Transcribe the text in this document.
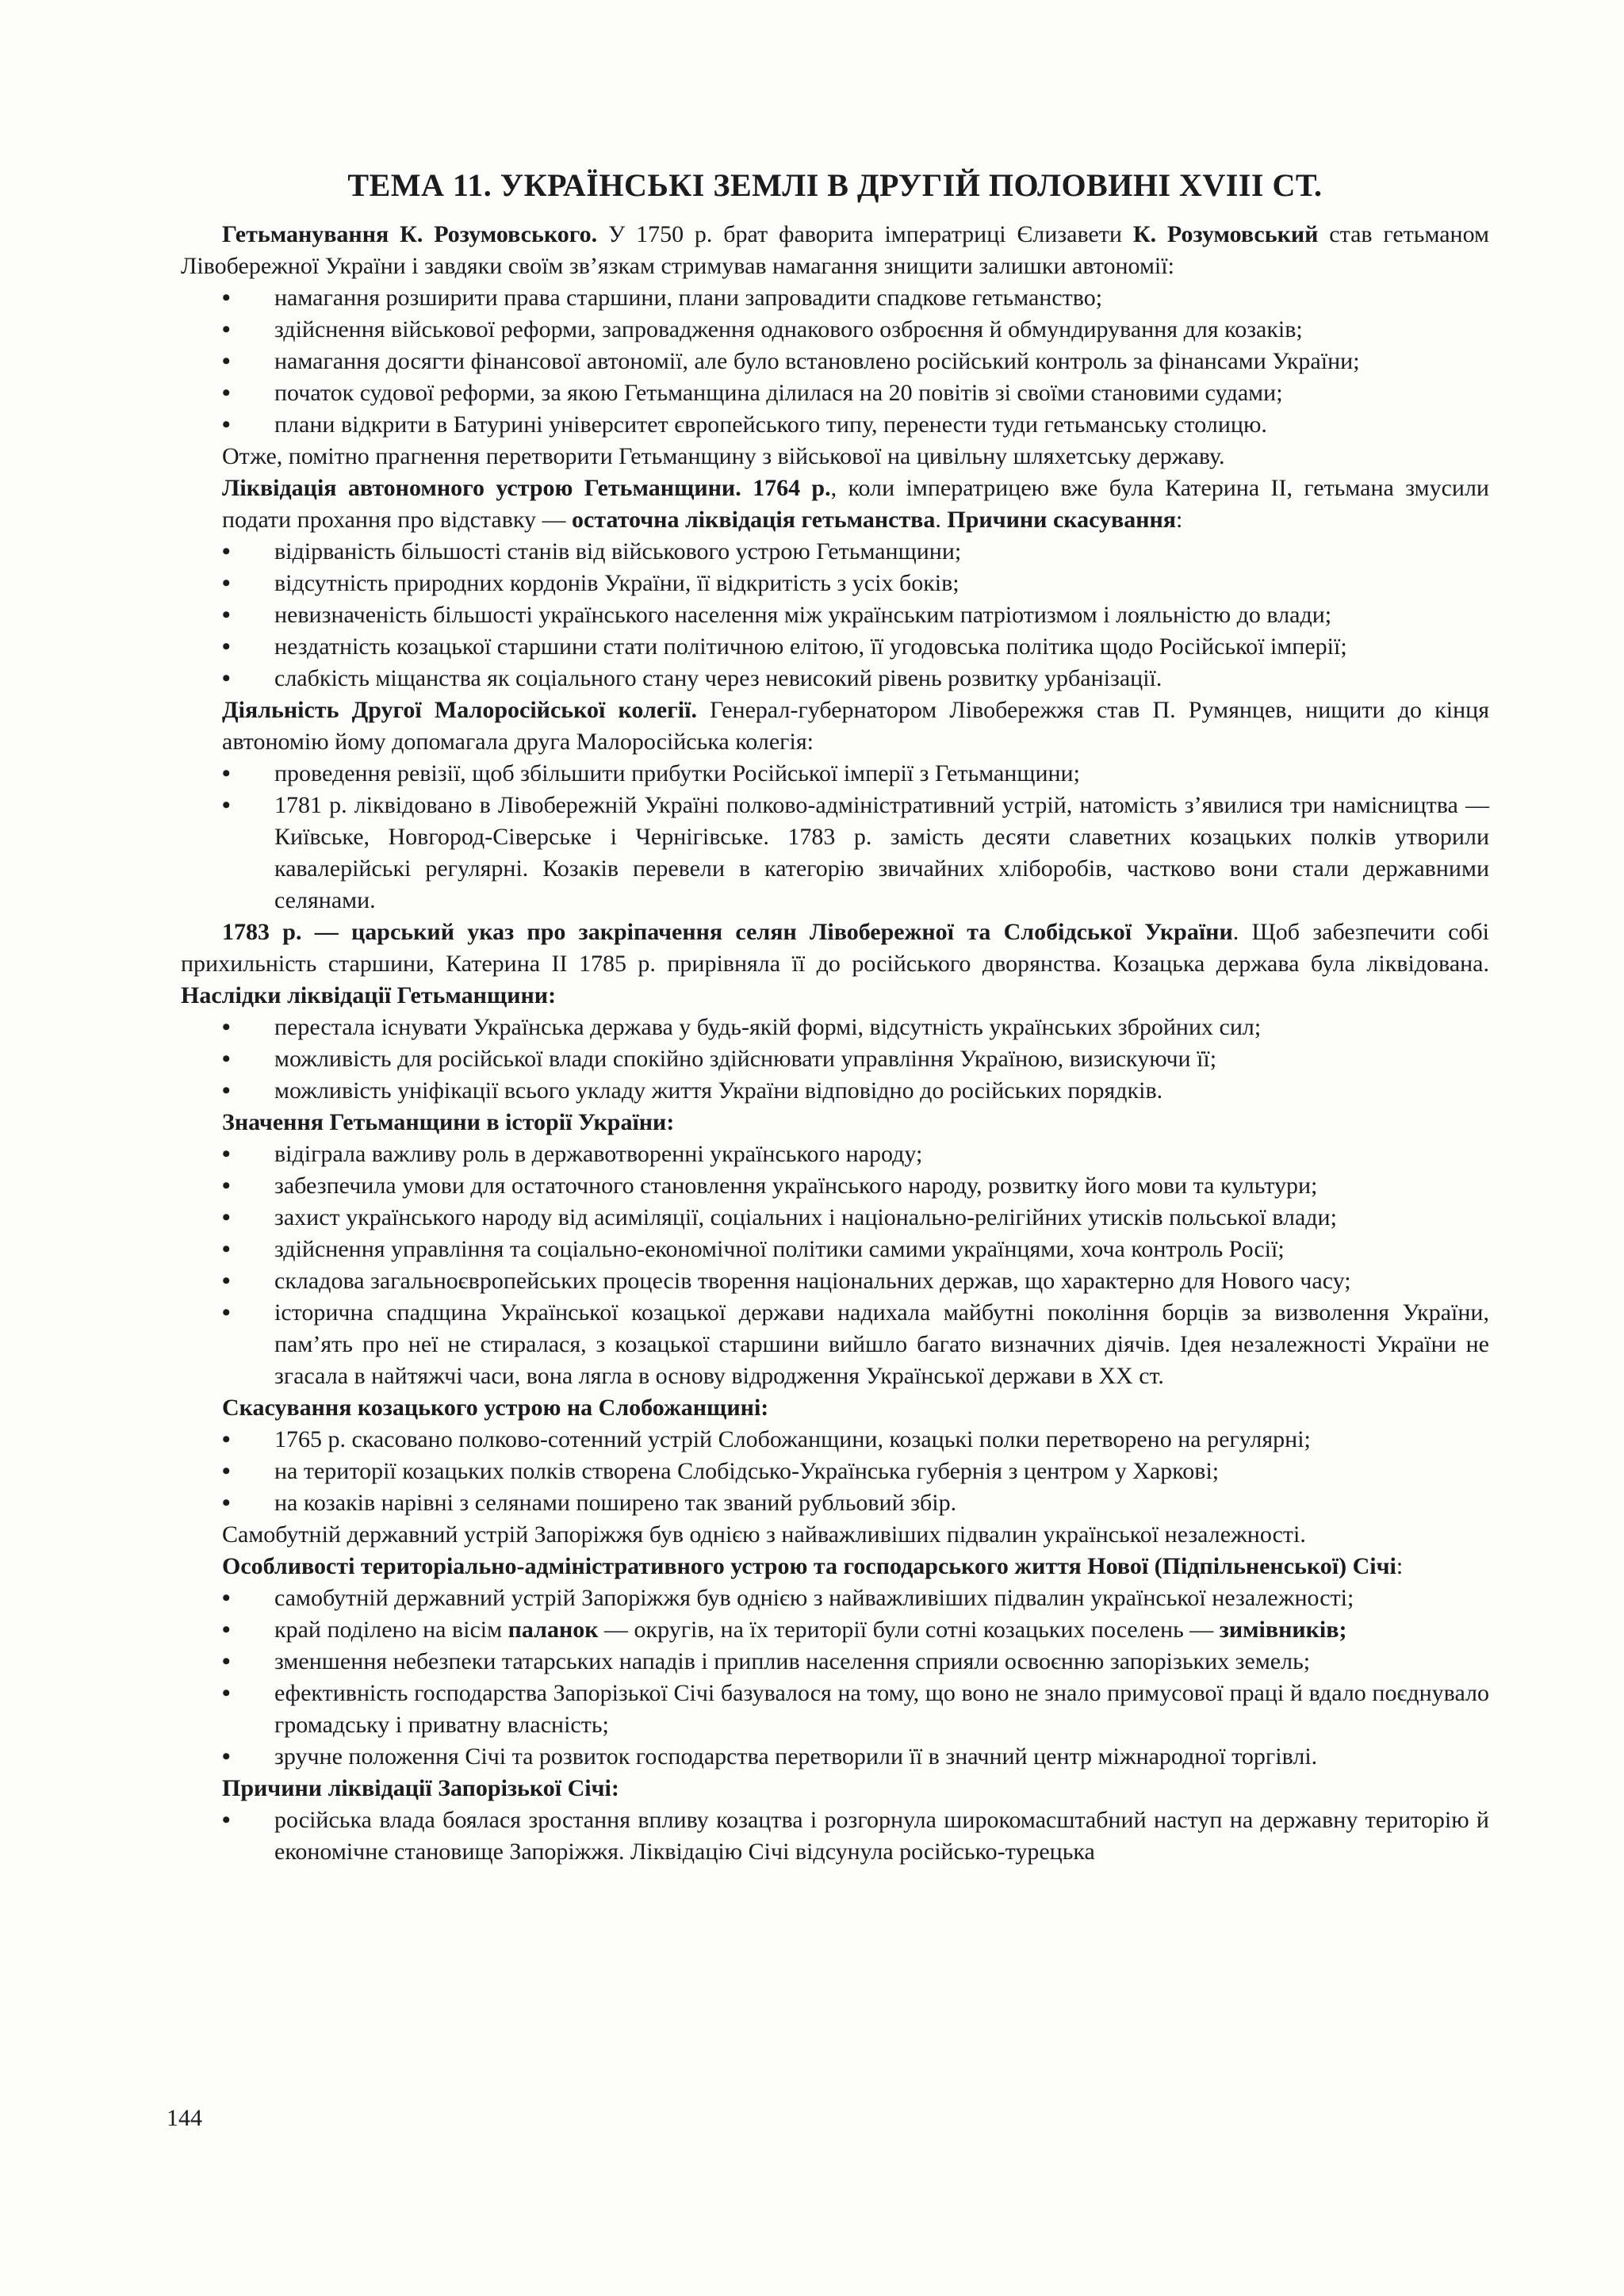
ТЕМА 11. УКРАЇНСЬКІ ЗЕМЛІ В ДРУГІЙ ПОЛОВИНІ XVIII СТ.

Гетьманування К. Розумовського. У 1750 р. брат фаворита імператриці Єлизавети К. Розумовський став гетьманом Лівобережної України і завдяки своїм зв’язкам стримував намагання знищити залишки автономії:

• намагання розширити права старшини, плани запровадити спадкове гетьманство;
• здійснення військової реформи, запровадження однакового озброєння й обмундирування для козаків;
• намагання досягти фінансової автономії, але було встановлено російський контроль за фінансами України;
• початок судової реформи, за якою Гетьманщина ділилася на 20 повітів зі своїми становими судами;
• плани відкрити в Батурині університет європейського типу, перенести туди гетьманську столицю.

Отже, помітно прагнення перетворити Гетьманщину з військової на цивільну шляхетську державу.

Ліквідація автономного устрою Гетьманщини. 1764 р., коли імператрицею вже була Катерина II, гетьмана змусили подати прохання про відставку — остаточна ліквідація гетьманства. Причини скасування:

• відірваність більшості станів від військового устрою Гетьманщини;
• відсутність природних кордонів України, її відкритість з усіх боків;
• невизначеність більшості українського населення між українським патріотизмом і лояльністю до влади;
• нездатність козацької старшини стати політичною елітою, її угодовська політика щодо Російської імперії;
• слабкість міщанства як соціального стану через невисокий рівень розвитку урбанізації.

Діяльність Другої Малоросійської колегії. Генерал-губернатором Лівобережжя став П. Румянцев, нищити до кінця автономію йому допомагала друга Малоросійська колегія:

• проведення ревізії, щоб збільшити прибутки Російської імперії з Гетьманщини;
• 1781 р. ліквідовано в Лівобережній Україні полково-адміністративний устрій, натомість з’явилися три намісництва — Київське, Новгород-Сіверське і Чернігівське. 1783 р. замість десяти славетних козацьких полків утворили кавалерійські регулярні. Козаків перевели в категорію звичайних хліборобів, частково вони стали державними селянами.

1783 р. — царський указ про закріпачення селян Лівобережної та Слобідської України. Щоб забезпечити собі прихильність старшини, Катерина II 1785 р. прирівняла її до російського дворянства. Козацька держава була ліквідована. Наслідки ліквідації Гетьманщини:

• перестала існувати Українська держава у будь-якій формі, відсутність українських збройних сил;
• можливість для російської влади спокійно здійснювати управління Україною, визискуючи її;
• можливість уніфікації всього укладу життя України відповідно до російських порядків.

Значення Гетьманщини в історії України:

• відіграла важливу роль в державотворенні українського народу;
• забезпечила умови для остаточного становлення українського народу, розвитку його мови та культури;
• захист українського народу від асиміляції, соціальних і національно-релігійних утисків польської влади;
• здійснення управління та соціально-економічної політики самими українцями, хоча контроль Росії;
• складова загальноєвропейських процесів творення національних держав, що характерно для Нового часу;
• історична спадщина Української козацької держави надихала майбутні покоління борців за визволення України, пам’ять про неї не стиралася, з козацької старшини вийшло багато визначних діячів. Ідея незалежності України не згасала в найтяжчі часи, вона лягла в основу відродження Української держави в XX ст.

Скасування козацького устрою на Слобожанщині:

• 1765 р. скасовано полково-сотенний устрій Слобожанщини, козацькі полки перетворено на регулярні;
• на території козацьких полків створена Слобідсько-Українська губернія з центром у Харкові;
• на козаків нарівні з селянами поширено так званий рубльовий збір.

Самобутній державний устрій Запоріжжя був однією з найважливіших підвалин української незалежності.

Особливості територіально-адміністративного устрою та господарського життя Нової (Підпільненської) Січі:

• самобутній державний устрій Запоріжжя був однією з найважливіших підвалин української незалежності;
• край поділено на вісім паланок — округів, на їх території були сотні козацьких поселень — зимівників;
• зменшення небезпеки татарських нападів і приплив населення сприяли освоєнню запорізьких земель;
• ефективність господарства Запорізької Січі базувалося на тому, що воно не знало примусової праці й вдало поєднувало громадську і приватну власність;
• зручне положення Січі та розвиток господарства перетворили її в значний центр міжнародної торгівлі.

Причини ліквідації Запорізької Січі:

• російська влада боялася зростання впливу козацтва і розгорнула широкомасштабний наступ на державну територію й економічне становище Запоріжжя. Ліквідацію Січі відсунула російсько-турецька
144
